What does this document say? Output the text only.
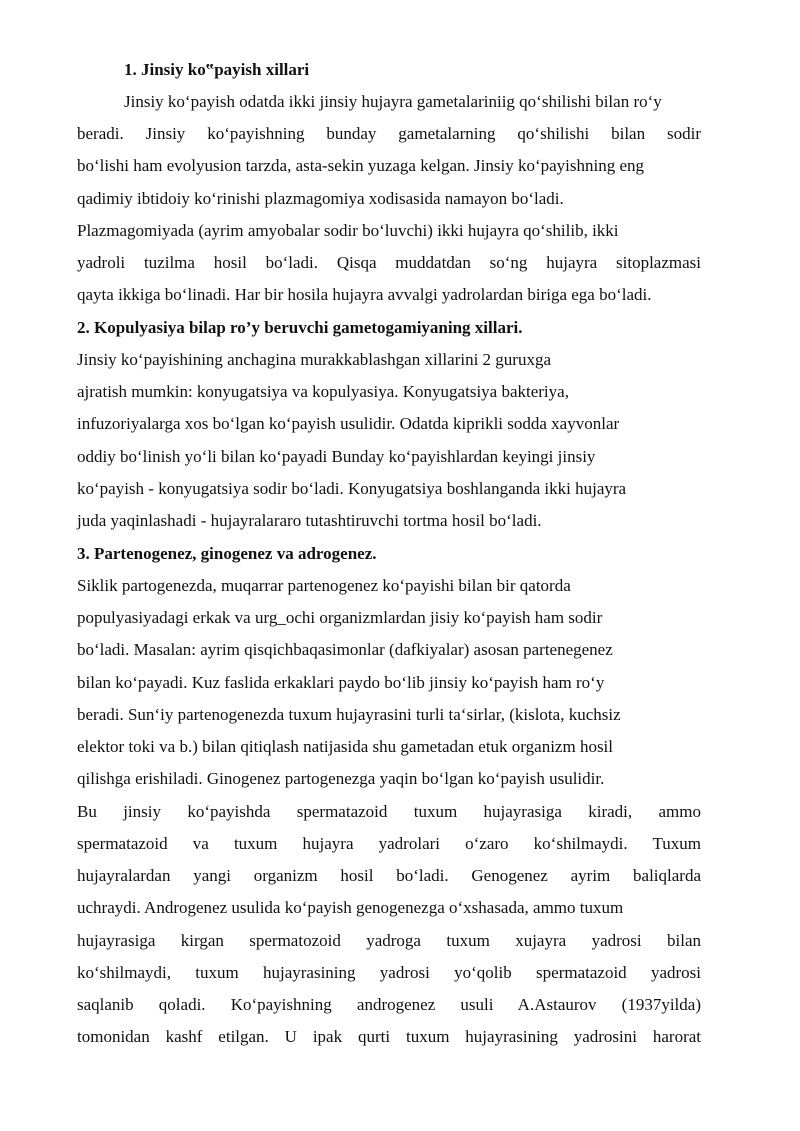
1. Jinsiy ko‟payish xillari
Jinsiy ko‘payish odatda ikki jinsiy hujayra gametalariniig qo‘shilishi bilan ro‘y
beradi. Jinsiy ko‘payishning bunday gametalarning qo‘shilishi bilan sodir
bo‘lishi ham evolyusion tarzda, asta-sekin yuzaga kelgan. Jinsiy ko‘payishning eng
qadimiy ibtidoiy ko‘rinishi plazmagomiya xodisasida namayon bo‘ladi.
Plazmagomiyada (ayrim amyobalar sodir bo‘luvchi) ikki hujayra qo‘shilib, ikki
yadroli tuzilma hosil bo‘ladi. Qisqa muddatdan so‘ng hujayra sitoplazmasi
qayta ikkiga bo‘linadi. Har bir hosila hujayra avvalgi yadrolardan biriga ega bo‘ladi.
2. Kopulyasiya bilap ro’y beruvchi gametogamiyaning xillari.
Jinsiy ko‘payishining anchagina murakkablashgan xillarini 2 guruxga
ajratish mumkin: konyugatsiya va kopulyasiya. Konyugatsiya bakteriya,
infuzoriyalarga xos bo‘lgan ko‘payish usulidir. Odatda kiprikli sodda xayvonlar
oddiy bo‘linish yo‘li bilan ko‘payadi Bunday ko‘payishlardan keyingi jinsiy
ko‘payish - konyugatsiya sodir bo‘ladi. Konyugatsiya boshlanganda ikki hujayra
juda yaqinlashadi - hujayralararo tutashtiruvchi tortma hosil bo‘ladi.
3. Partenogenez, ginogenez va adrogenez.
Siklik partogenezda, muqarrar partenogenez ko‘payishi bilan bir qatorda
populyasiyadagi erkak va urg_ochi organizmlardan jisiy ko‘payish ham sodir
bo‘ladi. Masalan: ayrim qisqichbaqasimonlar (dafkiyalar) asosan partenegenez
bilan ko‘payadi. Kuz faslida erkaklari paydo bo‘lib jinsiy ko‘payish ham ro‘y
beradi. Sun‘iy partenogenezda tuxum hujayrasini turli ta‘sirlar, (kislota, kuchsiz
elektor toki va b.) bilan qitiqlash natijasida shu gametadan etuk organizm hosil
qilishga erishiladi. Ginogenez partogenezga yaqin bo‘lgan ko‘payish usulidir.
Bu jinsiy ko‘payishda spermatazoid tuxum hujayrasiga kiradi, ammo
spermatazoid va tuxum hujayra yadrolari o‘zaro ko‘shilmaydi. Tuxum
hujayralardan yangi organizm hosil bo‘ladi. Genogenez ayrim baliqlarda
uchraydi. Androgenez usulida ko‘payish genogenezga o‘xshasada, ammo tuxum
hujayrasiga kirgan spermatozoid yadroga tuxum xujayra yadrosi bilan
ko‘shilmaydi, tuxum hujayrasining yadrosi yo‘qolib spermatazoid yadrosi
saqlanib qoladi. Ko‘payishning androgenez usuli A.Astaurov (1937yilda)
tomonidan kashf etilgan. U ipak qurti tuxum hujayrasining yadrosini harorat
